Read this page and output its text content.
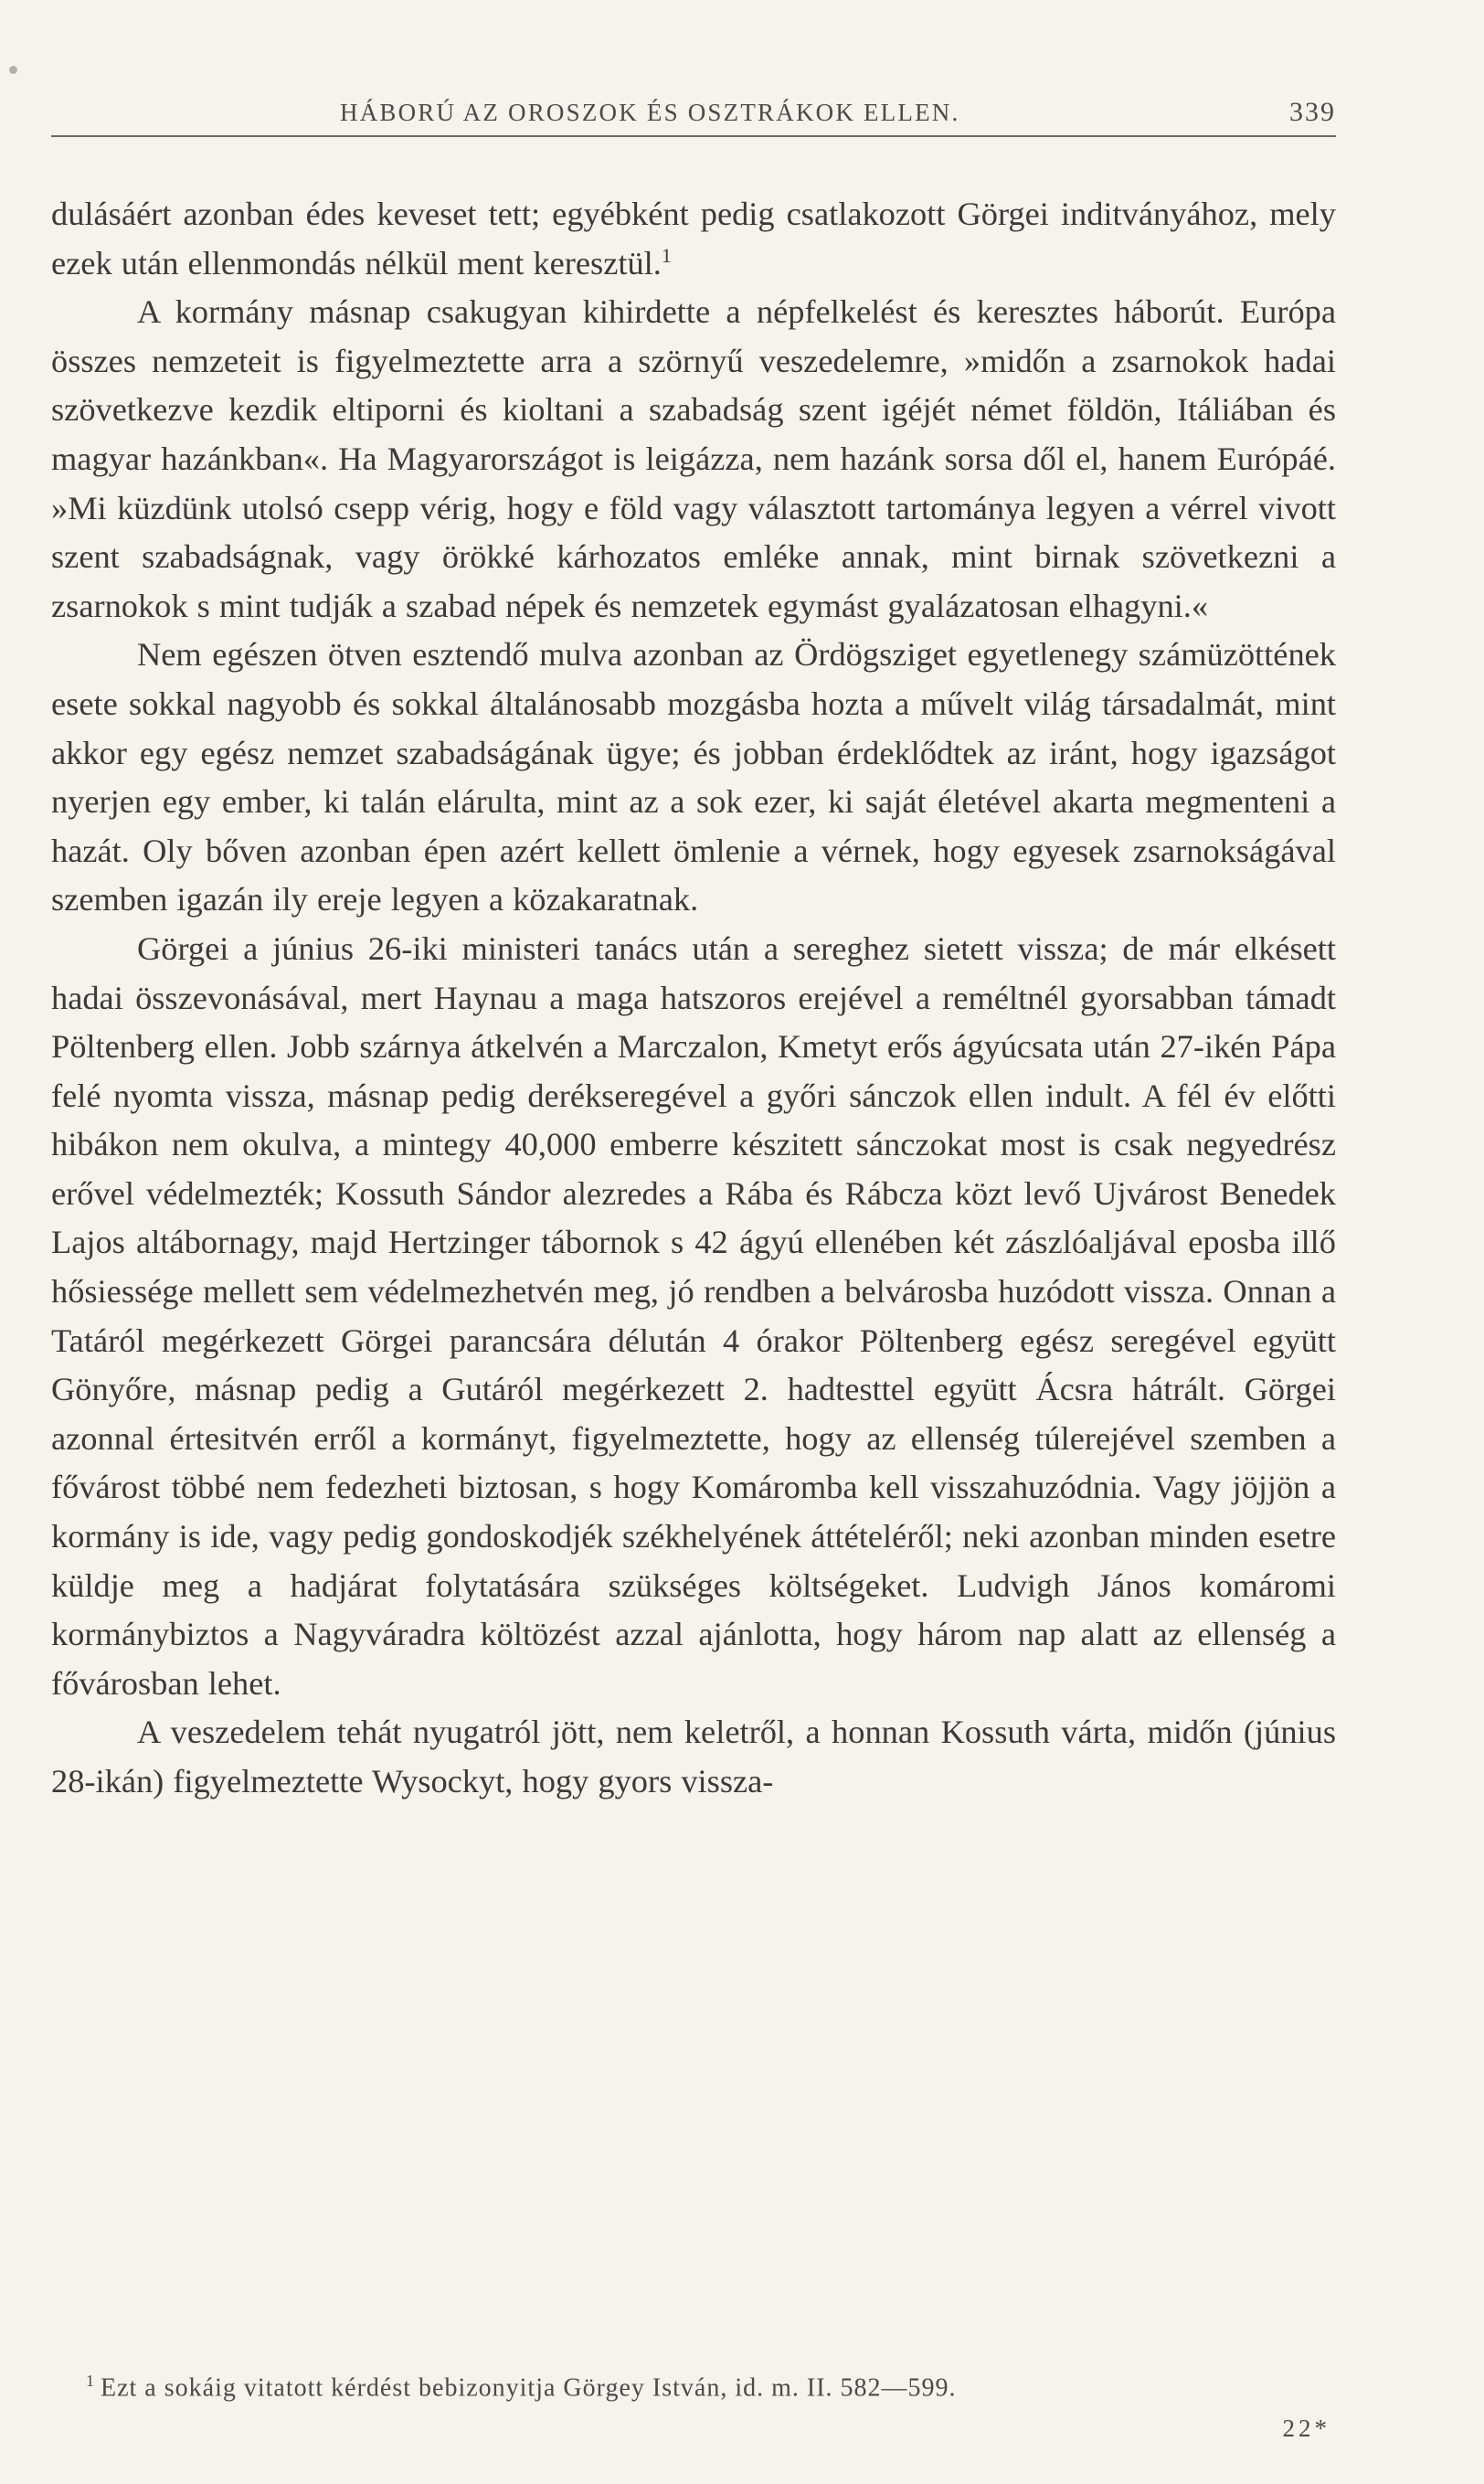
HÁBORÚ AZ OROSZOK ÉS OSZTRÁKOK ELLEN.	339

dulásáért azonban édes keveset tett; egyébként pedig csatlakozott Görgei inditványához, mely ezek után ellenmondás nélkül ment keresztül.$^1$

A kormány másnap csakugyan kihirdette a népfelkelést és keresztes háborút. Európa összes nemzeteit is figyelmeztette arra a szörnyű veszedelemre, »midőn a zsarnokok hadai szövetkezve kezdik eltiporni és kioltani a szabadság szent igéjét német földön, Itáliában és magyar hazánkban«. Ha Magyarországot is leigázza, nem hazánk sorsa dől el, hanem Európáé. »Mi küzdünk utolsó csepp vérig, hogy e föld vagy választott tartománya legyen a vérrel vivott szent szabadságnak, vagy örökké kárhozatos emléke annak, mint birnak szövetkezni a zsarnokok s mint tudják a szabad népek és nemzetek egymást gyalázatosan elhagyni.«

Nem egészen ötven esztendő mulva azonban az Ördögsziget egyetlenegy számüzöttének esete sokkal nagyobb és sokkal általánosabb mozgásba hozta a művelt világ társadalmát, mint akkor egy egész nemzet szabadságának ügye; és jobban érdeklődtek az iránt, hogy igazságot nyerjen egy ember, ki talán elárulta, mint az a sok ezer, ki saját életével akarta megmenteni a hazát. Oly bőven azonban épen azért kellett ömlenie a vérnek, hogy egyesek zsarnokságával szemben igazán ily ereje legyen a közakaratnak.

Görgei a június 26-iki ministeri tanács után a sereghez sietett vissza; de már elkésett hadai összevonásával, mert Haynau a maga hatszoros erejével a reméltnél gyorsabban támadt Pöltenberg ellen. Jobb szárnya átkelvén a Marczalon, Kmetyt erős ágyúcsata után 27-ikén Pápa felé nyomta vissza, másnap pedig derékseregével a győri sánczok ellen indult. A fél év előtti hibákon nem okulva, a mintegy 40,000 emberre készitett sánczokat most is csak negyedrész erővel védelmezték; Kossuth Sándor alezredes a Rába és Rábcza közt levő Ujvárost Benedek Lajos altábornagy, majd Hertzinger tábornok s 42 ágyú ellenében két zászlóaljával eposba illő hősiessége mellett sem védelmezhetvén meg, jó rendben a belvárosba huzódott vissza. Onnan a Tatáról megérkezett Görgei parancsára délután 4 órakor Pöltenberg egész seregével együtt Gönyőre, másnap pedig a Gutáról megérkezett 2. hadtesttel együtt Ácsra hátrált. Görgei azonnal értesitvén erről a kormányt, figyelmeztette, hogy az ellenség túlerejével szemben a fővárost többé nem fedezheti biztosan, s hogy Komáromba kell visszahuzódnia. Vagy jöjjön a kormány is ide, vagy pedig gondoskodjék székhelyének áttételéről; neki azonban minden esetre küldje meg a hadjárat folytatására szükséges költségeket. Ludvigh János komáromi kormánybiztos a Nagyváradra költözést azzal ajánlotta, hogy három nap alatt az ellenség a fővárosban lehet.

A veszedelem tehát nyugatról jött, nem keletről, a honnan Kossuth várta, midőn (június 28-ikán) figyelmeztette Wysockyt, hogy gyors vissza-

$^1$ Ezt a sokáig vitatott kérdést bebizonyitja Görgey István, id. m. II. 582—599.
22*
